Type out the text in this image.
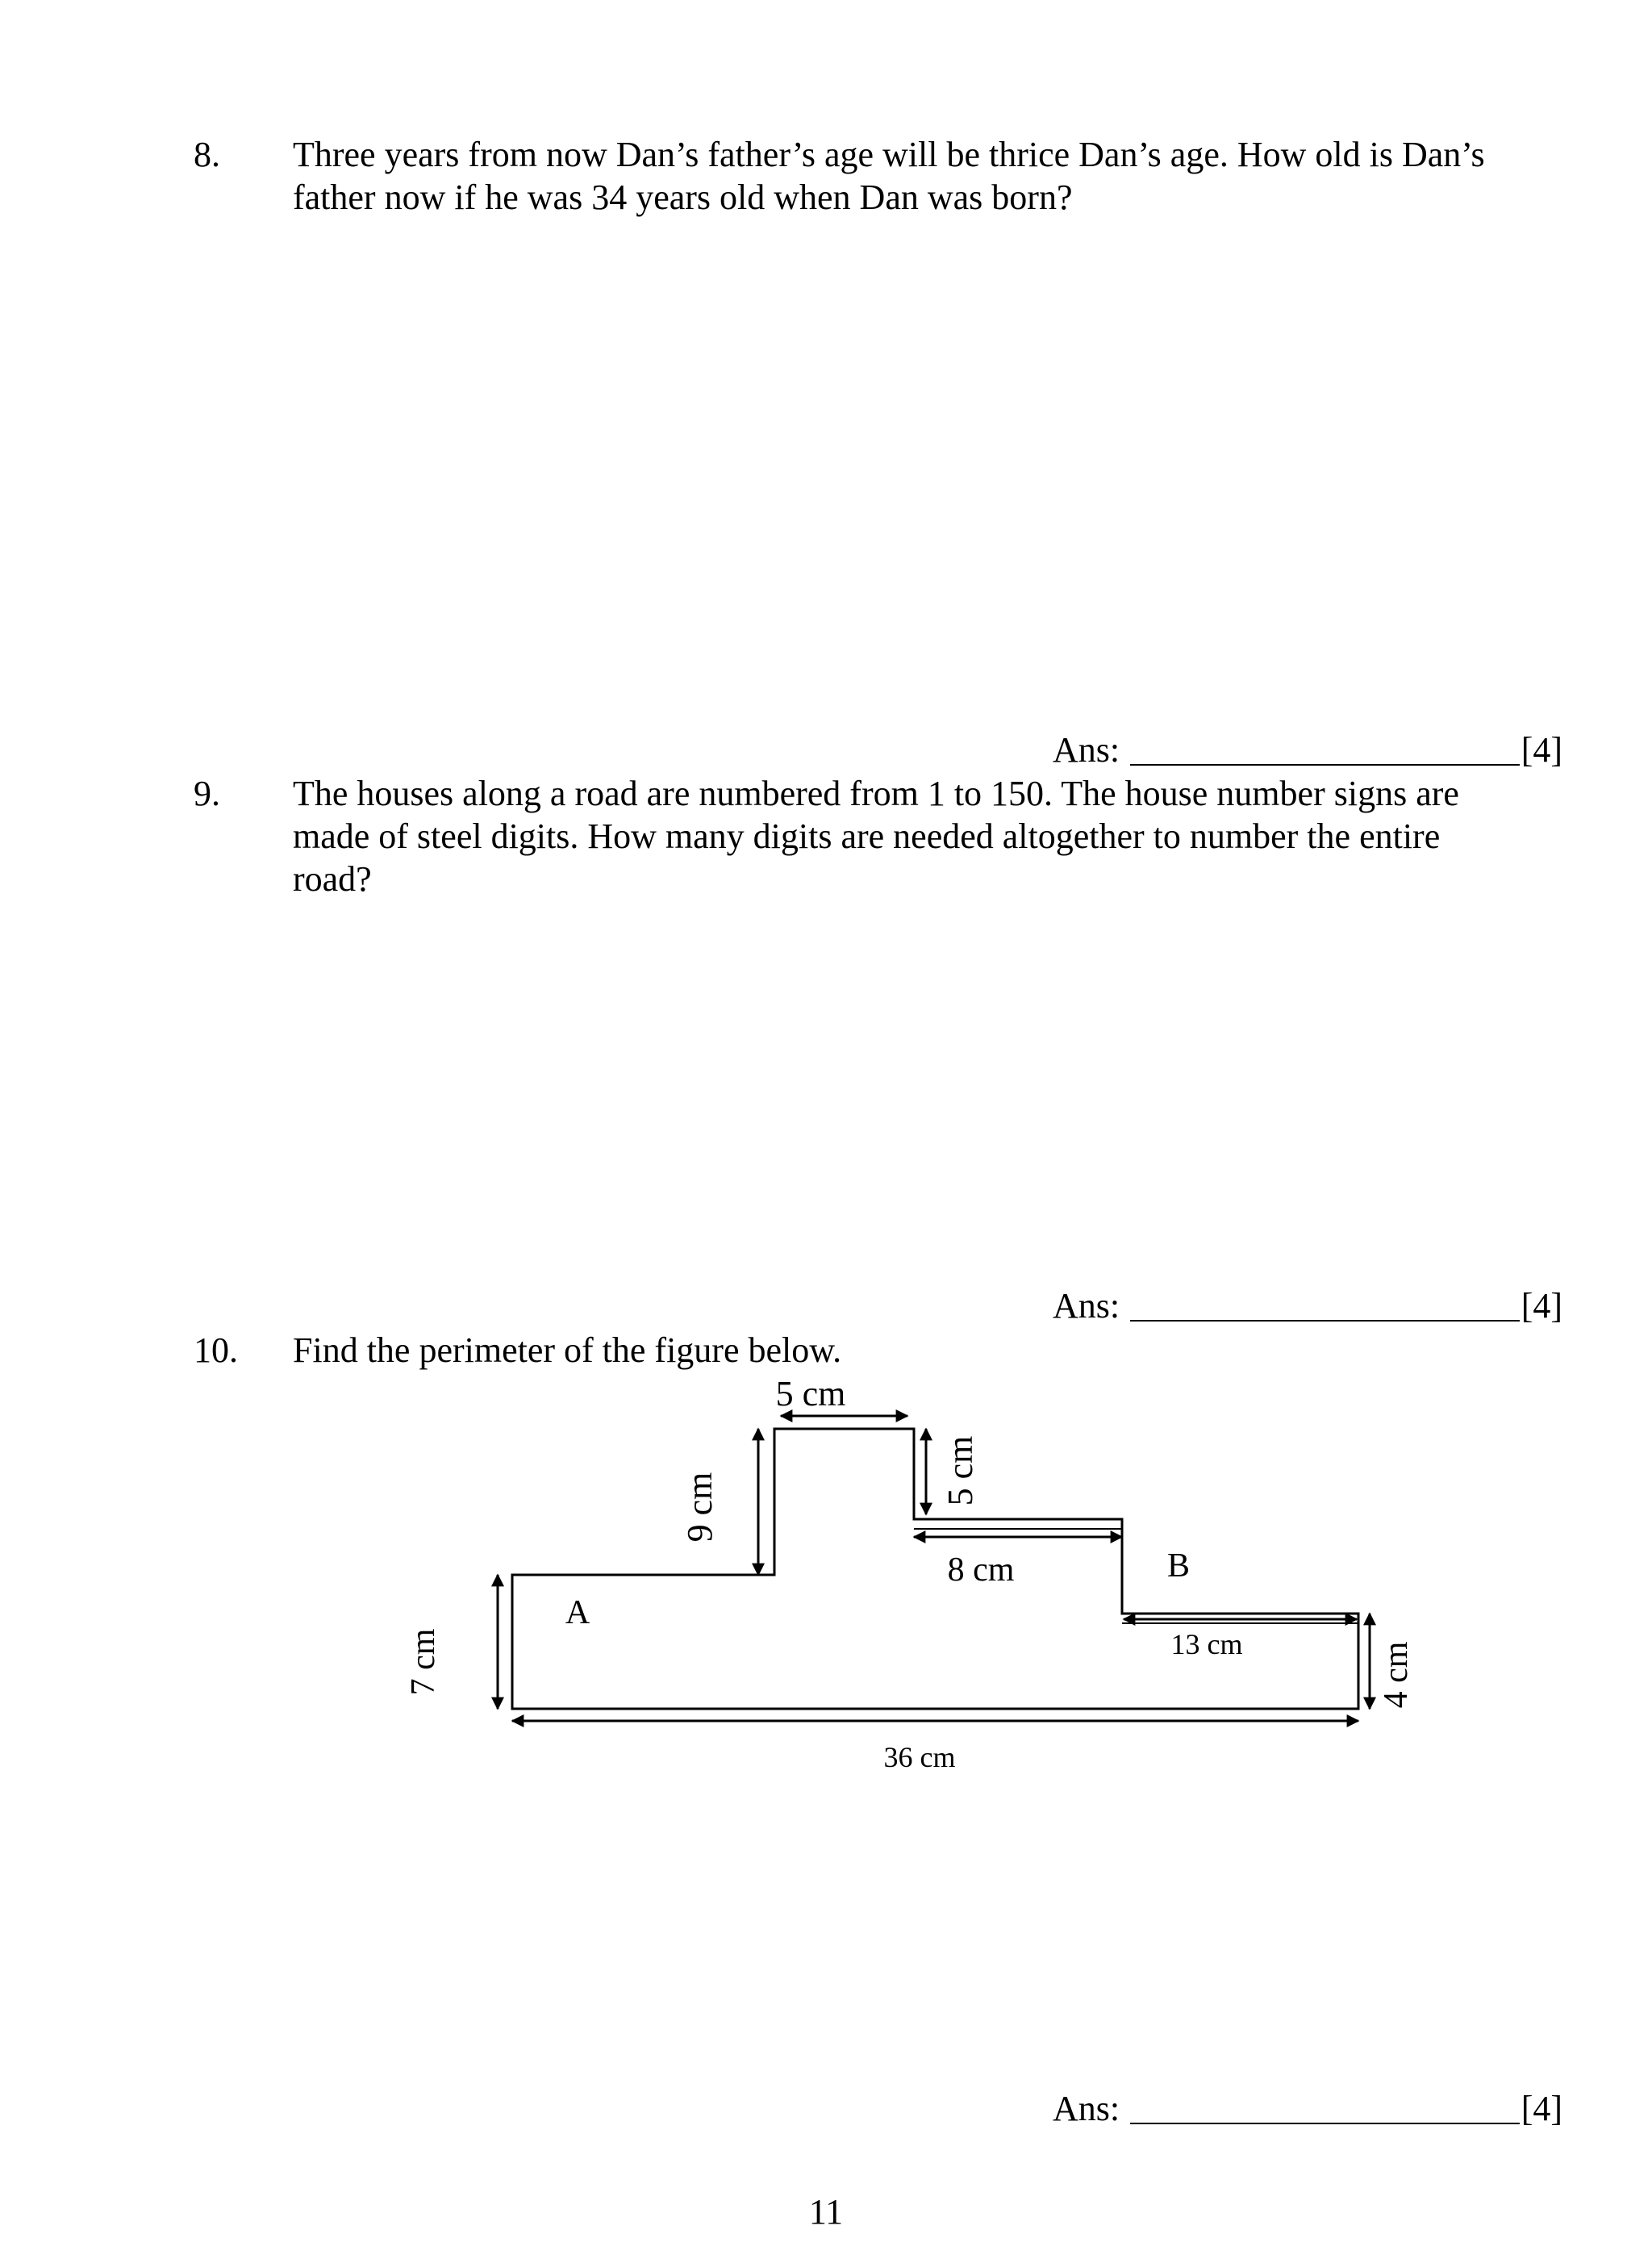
8. Three years from now Dan’s father’s age will be thrice Dan’s age. How old is Dan’s
father now if he was 34 years old when Dan was born?
Ans:	[4]
9. The houses along a road are numbered from 1 to 150. The house number signs are
made of steel digits. How many digits are needed altogether to number the entire
road?
Ans:	[4]
10. Find the perimeter of the figure below.
A
B
5 cm
9 cm
5 cm
8 cm
13 cm
7 cm	4 cm
36 cm
Ans:	[4]
11
